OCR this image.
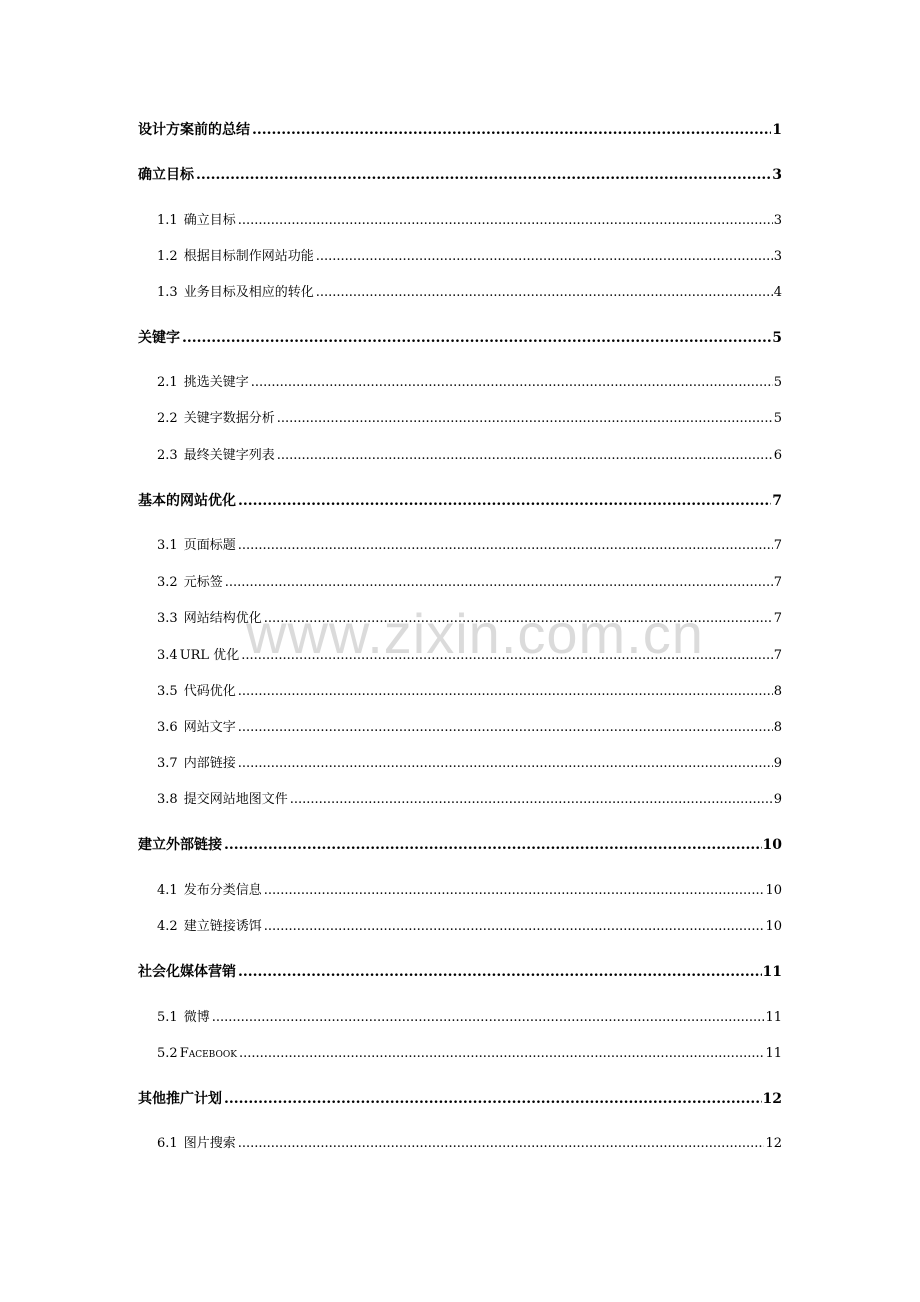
设计方案前的总结 .....	1
确立目标 .....	3
1.1 确立目标 .....	3
1.2 根据目标制作网站功能 .....	3
1.3 业务目标及相应的转化 .....	4
关键字 .....	5
2.1 挑选关键字 .....	5
2.2 关键字数据分析 .....	5
2.3 最终关键字列表 .....	6
基本的网站优化 .....	7
3.1 页面标题 .....	7
3.2 元标签 .....	7
3.3 网站结构优化 .....	7
3.4 URL 优化 .....	7
3.5 代码优化 .....	8
3.6 网站文字 .....	8
3.7 内部链接 .....	9
3.8 提交网站地图文件 .....	9
建立外部链接 .....	10
4.1 发布分类信息 .....	10
4.2 建立链接诱饵 .....	10
社会化媒体营销 .....	11
5.1 微博 .....	11
5.2 Facebook .....	11
其他推广计划 .....	12
6.1 图片搜索 .....	12
www.zixin.com.cn
